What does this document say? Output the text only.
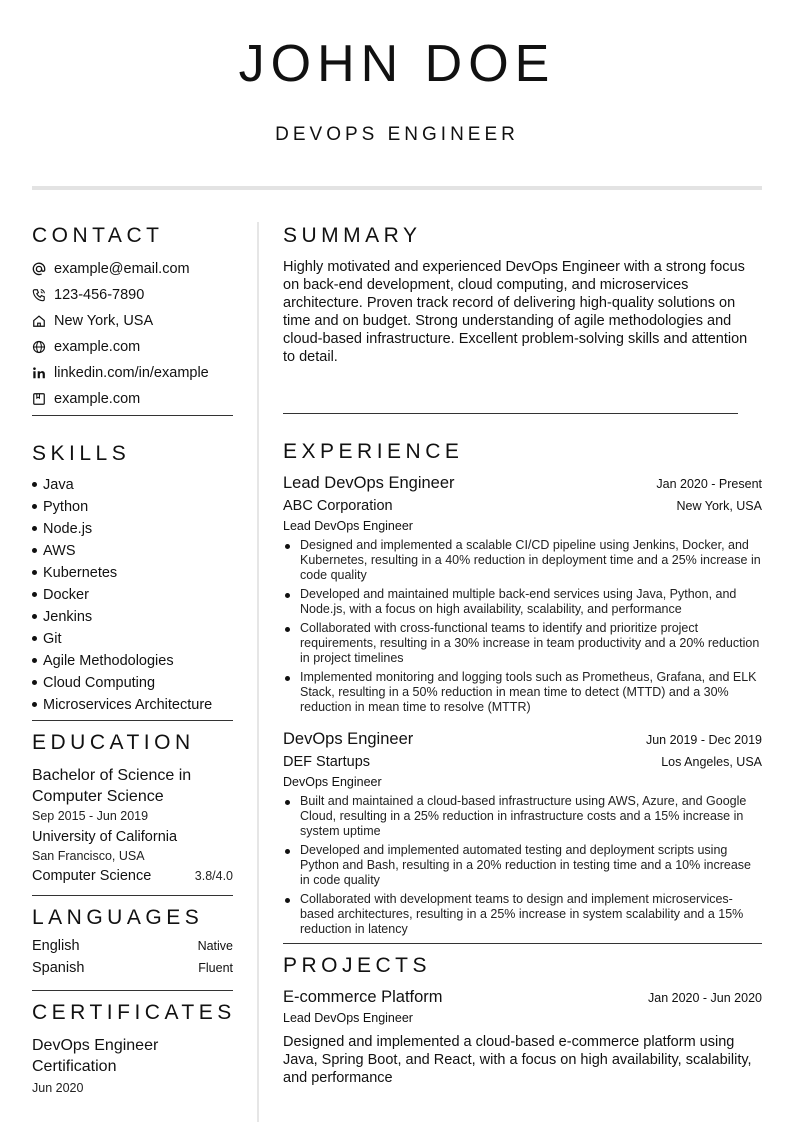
JOHN DOE
DEVOPS ENGINEER
CONTACT
example@email.com
123-456-7890
New York, USA
example.com
linkedin.com/in/example
example.com
SKILLS
Java
Python
Node.js
AWS
Kubernetes
Docker
Jenkins
Git
Agile Methodologies
Cloud Computing
Microservices Architecture
EDUCATION
Bachelor of Science in Computer Science
Sep 2015 - Jun 2019
University of California
San Francisco, USA
Computer Science	3.8/4.0
LANGUAGES
English	Native
Spanish	Fluent
CERTIFICATES
DevOps Engineer Certification
Jun 2020
SUMMARY

Highly motivated and experienced DevOps Engineer with a strong focus on back-end development, cloud computing, and microservices architecture. Proven track record of delivering high-quality solutions on time and on budget. Strong understanding of agile methodologies and cloud-based infrastructure. Excellent problem-solving skills and attention to detail.

EXPERIENCE
Lead DevOps Engineer	Jan 2020 - Present
ABC Corporation	New York, USA
Lead DevOps Engineer
Designed and implemented a scalable CI/CD pipeline using Jenkins, Docker, and Kubernetes, resulting in a 40% reduction in deployment time and a 25% increase in code quality
Developed and maintained multiple back-end services using Java, Python, and Node.js, with a focus on high availability, scalability, and performance
Collaborated with cross-functional teams to identify and prioritize project requirements, resulting in a 30% increase in team productivity and a 20% reduction in project timelines
Implemented monitoring and logging tools such as Prometheus, Grafana, and ELK Stack, resulting in a 50% reduction in mean time to detect (MTTD) and a 30% reduction in mean time to resolve (MTTR)
DevOps Engineer	Jun 2019 - Dec 2019
DEF Startups	Los Angeles, USA
DevOps Engineer
Built and maintained a cloud-based infrastructure using AWS, Azure, and Google Cloud, resulting in a 25% reduction in infrastructure costs and a 15% increase in system uptime
Developed and implemented automated testing and deployment scripts using Python and Bash, resulting in a 20% reduction in testing time and a 10% increase in code quality
Collaborated with development teams to design and implement microservices-based architectures, resulting in a 25% increase in system scalability and a 15% reduction in latency
PROJECTS
E-commerce Platform	Jan 2020 - Jun 2020
Lead DevOps Engineer
Designed and implemented a cloud-based e-commerce platform using Java, Spring Boot, and React, with a focus on high availability, scalability, and performance
